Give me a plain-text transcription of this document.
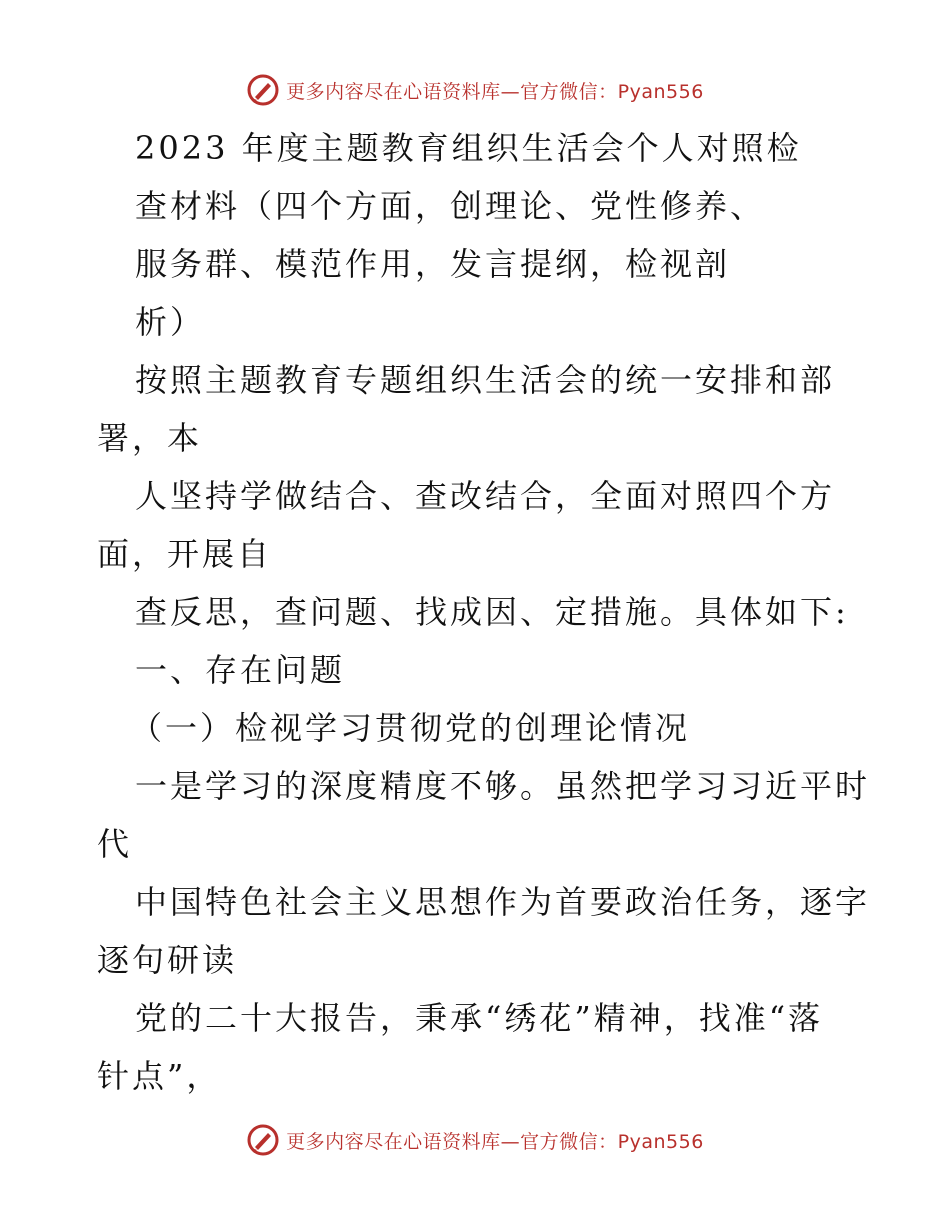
更多内容尽在心语资料库—官方微信：Pyan556
2023 年度主题教育组织生活会个人对照检
查材料（四个方面，创理论、党性修养、
服务群、模范作用，发言提纲，检视剖
析）
按照主题教育专题组织生活会的统一安排和部
署，本
人坚持学做结合、查改结合，全面对照四个方
面，开展自
查反思，查问题、找成因、定措施。具体如下:
一、存在问题
（一）检视学习贯彻党的创理论情况
一是学习的深度精度不够。虽然把学习习近平时
代
中国特色社会主义思想作为首要政治任务，逐字
逐句研读
党的二十大报告，秉承“绣花”精神，找准“落
针点”，
更多内容尽在心语资料库—官方微信：Pyan556
